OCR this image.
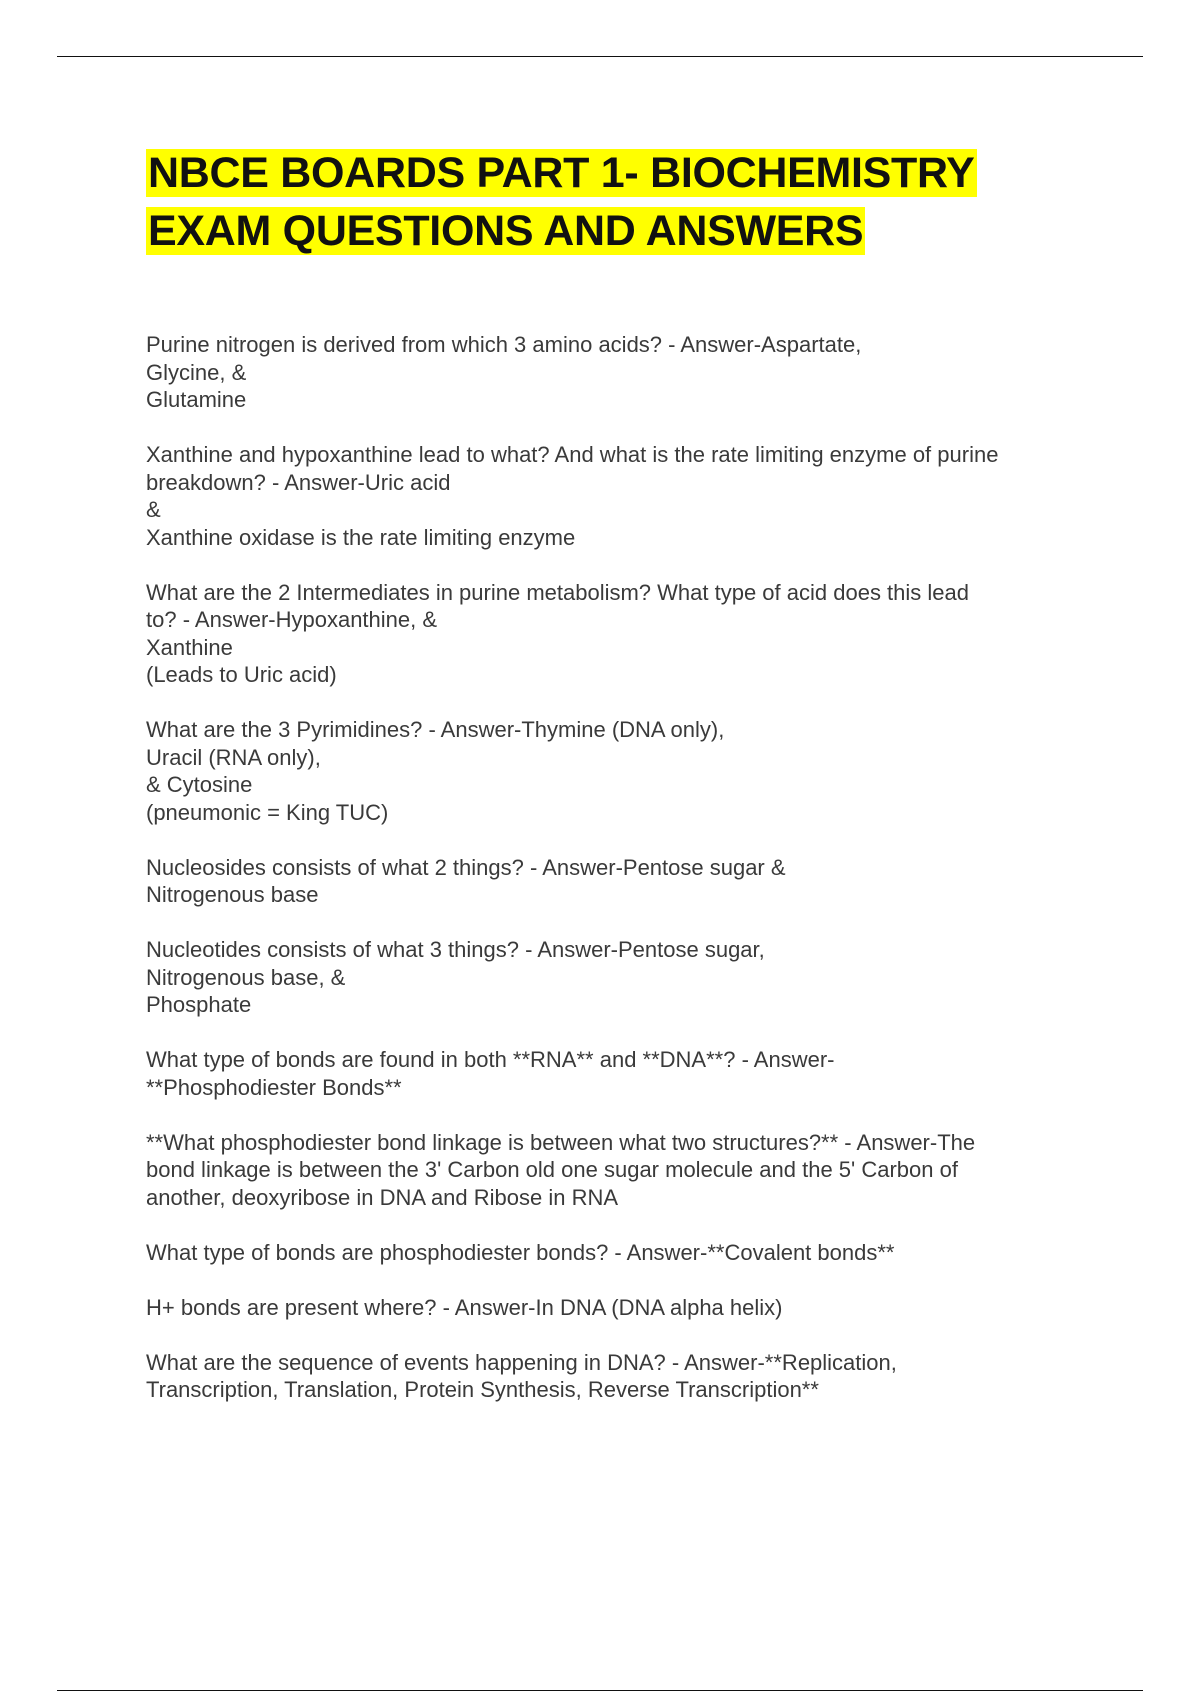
NBCE BOARDS PART 1- BIOCHEMISTRY
EXAM QUESTIONS AND ANSWERS

Purine nitrogen is derived from which 3 amino acids? - Answer-Aspartate,
Glycine, &
Glutamine

Xanthine and hypoxanthine lead to what? And what is the rate limiting enzyme of purine
breakdown? - Answer-Uric acid
&
Xanthine oxidase is the rate limiting enzyme

What are the 2 Intermediates in purine metabolism? What type of acid does this lead
to? - Answer-Hypoxanthine, &
Xanthine
(Leads to Uric acid)

What are the 3 Pyrimidines? - Answer-Thymine (DNA only),
Uracil (RNA only),
& Cytosine
(pneumonic = King TUC)

Nucleosides consists of what 2 things? - Answer-Pentose sugar &
Nitrogenous base

Nucleotides consists of what 3 things? - Answer-Pentose sugar,
Nitrogenous base, &
Phosphate

What type of bonds are found in both **RNA** and **DNA**? - Answer-
**Phosphodiester Bonds**

**What phosphodiester bond linkage is between what two structures?** - Answer-The
bond linkage is between the 3' Carbon old one sugar molecule and the 5' Carbon of
another, deoxyribose in DNA and Ribose in RNA

What type of bonds are phosphodiester bonds? - Answer-**Covalent bonds**

H+ bonds are present where? - Answer-In DNA (DNA alpha helix)

What are the sequence of events happening in DNA? - Answer-**Replication,
Transcription, Translation, Protein Synthesis, Reverse Transcription**
